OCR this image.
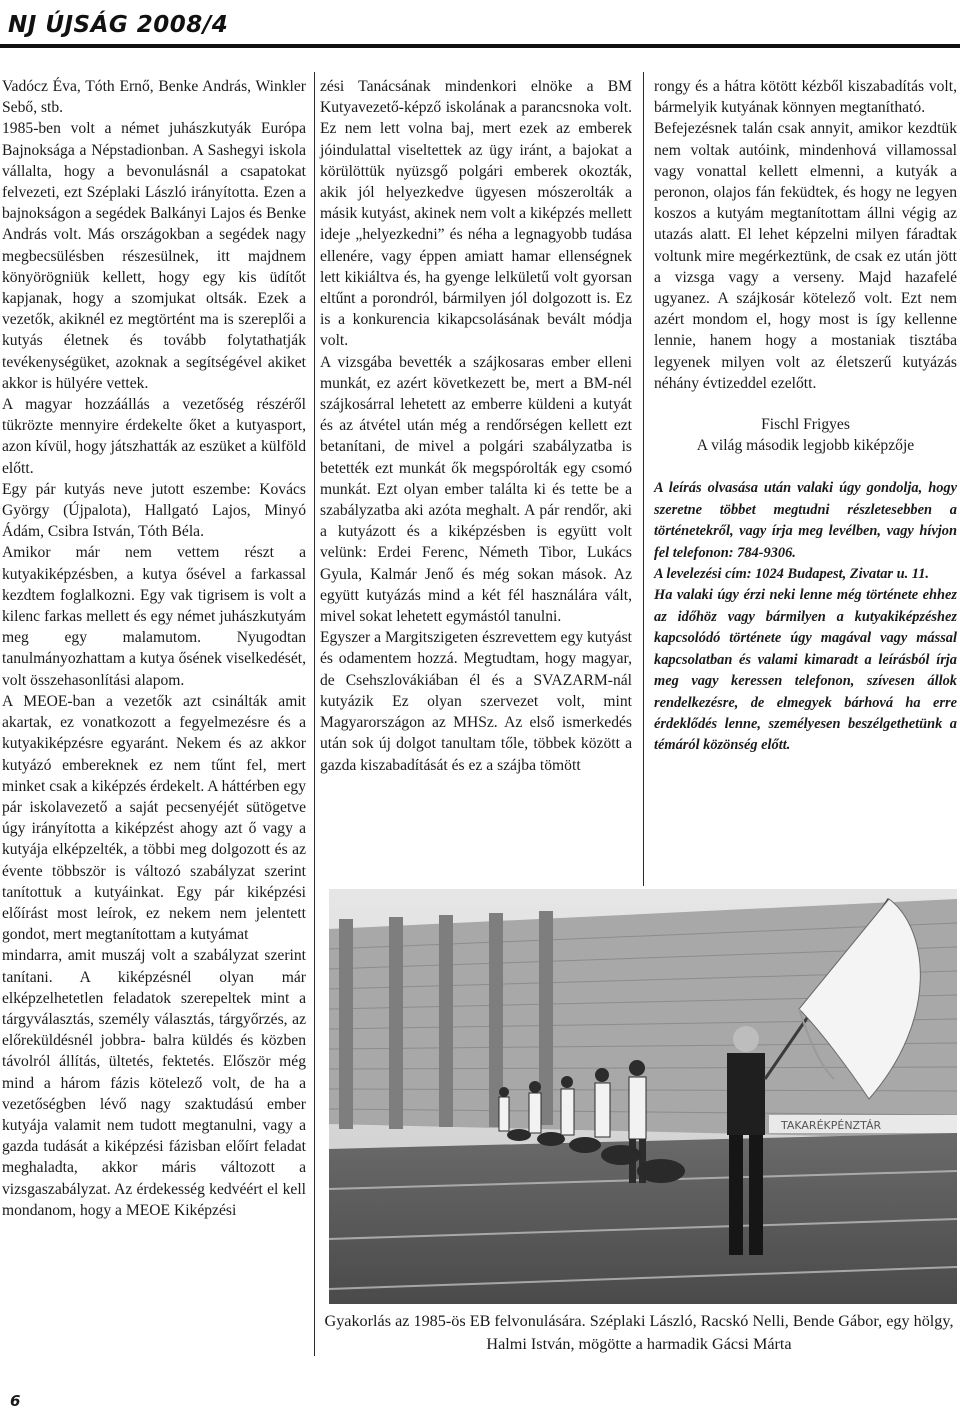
NJ ÚJSÁG 2008/4

Vadócz Éva, Tóth Ernő, Benke András, Winkler Sebő, stb.

1985-ben volt a német juhászkutyák Európa Bajnoksága a Népstadionban. A Sashegyi iskola vállalta, hogy a bevonulásnál a csapatokat felvezeti, ezt Széplaki László irányította. Ezen a bajnokságon a segédek Balkányi Lajos és Benke András volt. Más országokban a segédek nagy megbecsülésben részesülnek, itt majdnem könyörögniük kellett, hogy egy kis üdítőt kapjanak, hogy a szomjukat oltsák. Ezek a vezetők, akiknél ez megtörtént ma is szereplői a kutyás életnek és tovább folytathatják tevékenységüket, azoknak a segítségével akiket akkor is hülyére vettek.

A magyar hozzáállás a vezetőség részéről tükrözte mennyire érdekelte őket a kutyasport, azon kívül, hogy játszhatták az eszüket a külföld előtt.

Egy pár kutyás neve jutott eszembe: Kovács György (Újpalota), Hallgató Lajos, Minyó Ádám, Csibra István, Tóth Béla.

Amikor már nem vettem részt a kutyakiképzésben, a kutya ősével a farkassal kezdtem foglalkozni. Egy vak tigrisem is volt a kilenc farkas mellett és egy német juhászkutyám meg egy malamutom. Nyugodtan tanulmányozhattam a kutya ősének viselkedését, volt összehasonlítási alapom.

A MEOE-ban a vezetők azt csinálták amit akartak, ez vonatkozott a fegyelmezésre és a kutyakiképzésre egyaránt. Nekem és az akkor kutyázó embereknek ez nem tűnt fel, mert minket csak a kiképzés érdekelt. A háttérben egy pár iskolavezető a saját pecsenyéjét sütögetve úgy irányította a kiképzést ahogy azt ő vagy a kutyája elképzelték, a többi meg dolgozott és az évente többször is változó szabályzat szerint tanítottuk a kutyáinkat. Egy pár kiképzési előírást most leírok, ez nekem nem jelentett gondot, mert megtanítottam a kutyámat

mindarra, amit muszáj volt a szabályzat szerint tanítani. A kiképzésnél olyan már elképzelhetetlen feladatok szerepeltek mint a tárgyválasztás, személy választás, tárgyőrzés, az előreküldésnél jobbra- balra küldés és közben távolról állítás, ültetés, fektetés. Először még mind a három fázis kötelező volt, de ha a vezetőségben lévő nagy szaktudású ember kutyája valamit nem tudott megtanulni, vagy a gazda tudását a kiképzési fázisban előírt feladat meghaladta, akkor máris változott a vizsgaszabályzat. Az érdekesség kedvéért el kell mondanom, hogy a MEOE Kiképzési

zési Tanácsának mindenkori elnöke a BM Kutyavezető-képző iskolának a parancsnoka volt. Ez nem lett volna baj, mert ezek az emberek jóindulattal viseltettek az ügy iránt, a bajokat a körülöttük nyüzsgő polgári emberek okozták, akik jól helyezkedve ügyesen mószerolták a másik kutyást, akinek nem volt a kiképzés mellett ideje „helyezkedni” és néha a legnagyobb tudása ellenére, vagy éppen amiatt hamar ellenségnek lett kikiáltva és, ha gyenge lelkületű volt gyorsan eltűnt a porondról, bármilyen jól dolgozott is. Ez is a konkurencia kikapcsolásának bevált módja volt.

A vizsgába bevették a szájkosaras ember elleni munkát, ez azért következett be, mert a BM-nél szájkosárral lehetett az emberre küldeni a kutyát és az átvétel után még a rendőrségen kellett ezt betanítani, de mivel a polgári szabályzatba is betették ezt munkát ők megspórolták egy csomó munkát. Ezt olyan ember találta ki és tette be a szabályzatba aki azóta meghalt. A pár rendőr, aki a kutyázott és a kiképzésben is együtt volt velünk: Erdei Ferenc, Németh Tibor, Lukács Gyula, Kalmár Jenő és még sokan mások. Az együtt kutyázás mind a két fél használára vált, mivel sokat lehetett egymástól tanulni.

Egyszer a Margitszigeten észrevettem egy kutyást és odamentem hozzá. Megtudtam, hogy magyar, de Csehszlovákiában él és a SVAZARM-nál kutyázik Ez olyan szervezet volt, mint Magyarországon az MHSz. Az első ismerkedés után sok új dolgot tanultam tőle, többek között a gazda kiszabadítását és ez a szájba tömött

rongy és a hátra kötött kézből kiszabadítás volt, bármelyik kutyának könnyen megtanítható.

Befejezésnek talán csak annyit, amikor kezdtük nem voltak autóink, mindenhová villamossal vagy vonattal kellett elmenni, a kutyák a peronon, olajos fán feküdtek, és hogy ne legyen koszos a kutyám megtanítottam állni végig az utazás alatt. El lehet képzelni milyen fáradtak voltunk mire megérkeztünk, de csak ez után jött a vizsga vagy a verseny. Majd hazafelé ugyanez. A szájkosár kötelező volt. Ezt nem azért mondom el, hogy most is így kellenne lennie, hanem hogy a mostaniak tisztába legyenek milyen volt az életszerű kutyázás néhány évtizeddel ezelőtt.

Fischl Frigyes
A világ második legjobb kiképzője

A leírás olvasása után valaki úgy gondolja, hogy szeretne többet megtudni részletesebben a történetekről, vagy írja meg levélben, vagy hívjon fel telefonon: 784-9306.

A levelezési cím: 1024 Budapest, Zivatar u. 11.

Ha valaki úgy érzi neki lenne még története ehhez az időhöz vagy bármilyen a kutyakiképzéshez kapcsolódó története úgy magával vagy mással kapcsolatban és valami kimaradt a leírásból írja meg vagy keressen telefonon, szívesen állok rendelkezésre, de elmegyek bárhová ha erre érdeklődés lenne, személyesen beszélgethetünk a témáról közönség előtt.

TAKARÉKPÉNZTÁR
Gyakorlás az 1985-ös EB felvonulására. Széplaki László, Racskó Nelli, Bende Gábor, egy hölgy, Halmi István, mögötte a harmadik Gácsi Márta
6
